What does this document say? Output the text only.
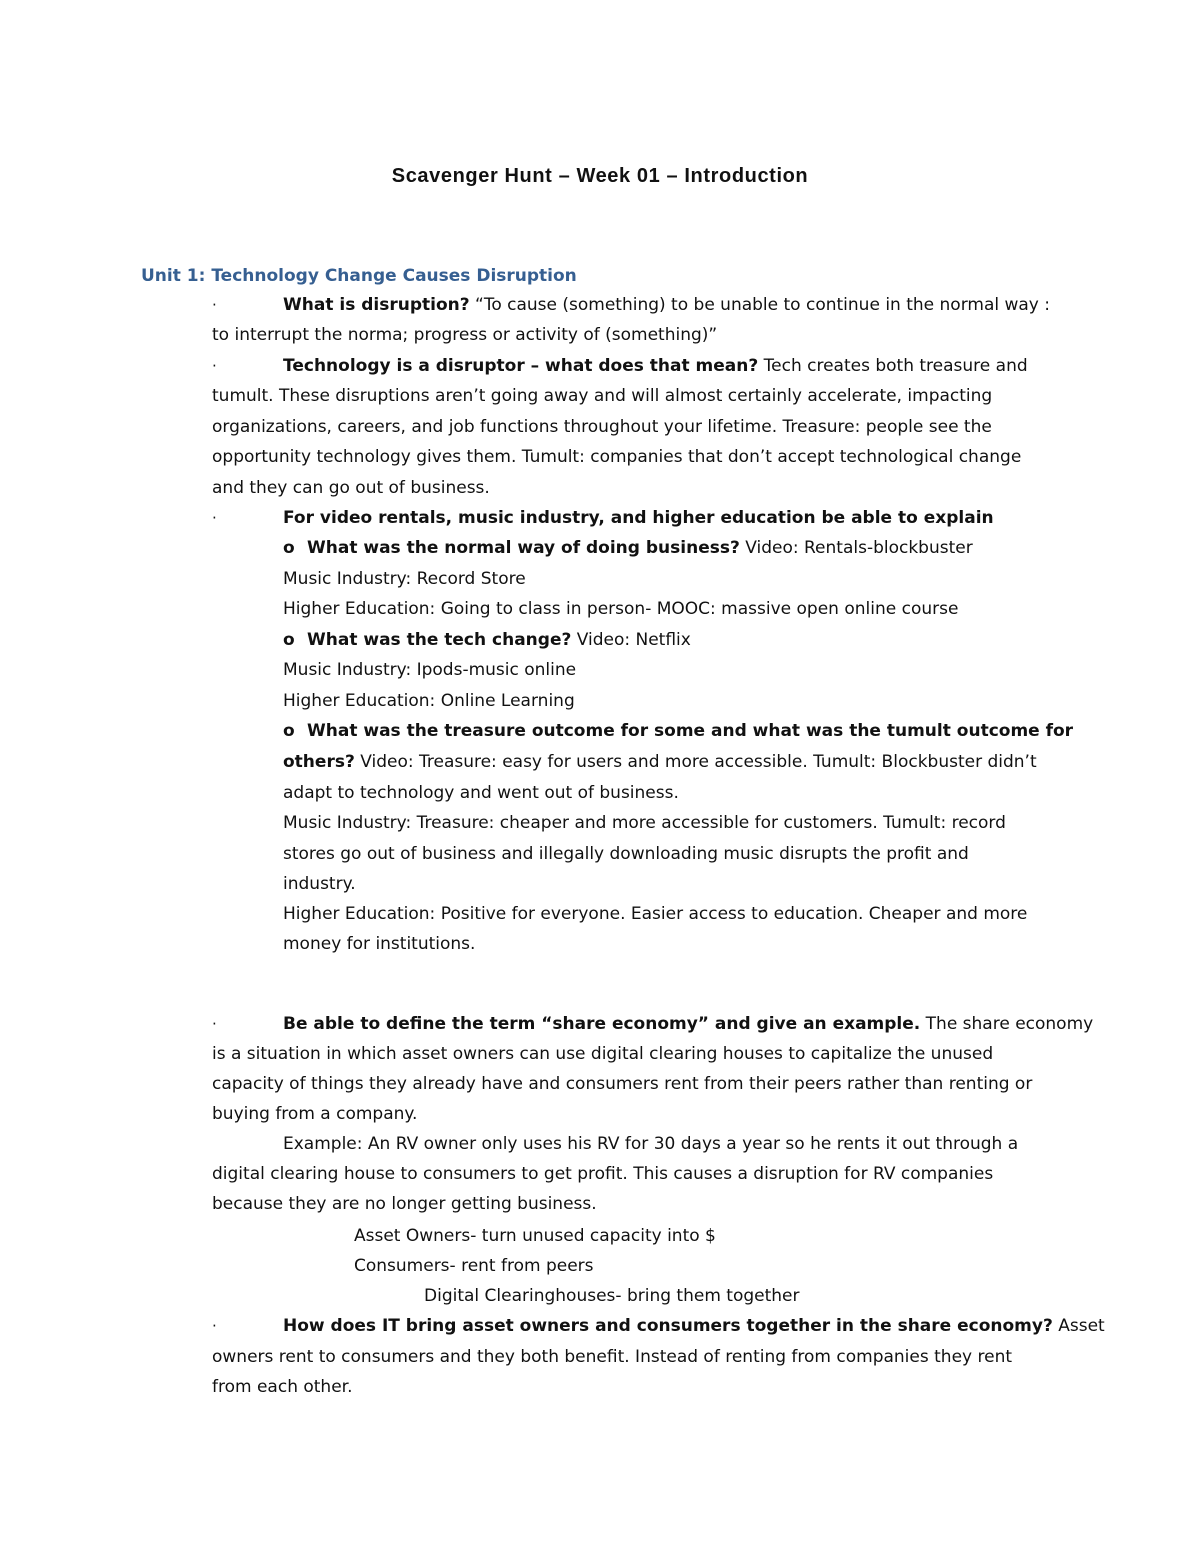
Scavenger Hunt – Week 01 – Introduction
Unit 1: Technology Change Causes Disruption
·	What is disruption? “To cause (something) to be unable to continue in the normal way :
to interrupt the norma; progress or activity of (something)”
·	Technology is a disruptor – what does that mean? Tech creates both treasure and
tumult. These disruptions aren’t going away and will almost certainly accelerate, impacting
organizations, careers, and job functions throughout your lifetime. Treasure: people see the
opportunity technology gives them. Tumult: companies that don’t accept technological change
and they can go out of business.
·	For video rentals, music industry, and higher education be able to explain
o What was the normal way of doing business? Video: Rentals-blockbuster
Music Industry: Record Store
Higher Education: Going to class in person- MOOC: massive open online course
o What was the tech change? Video: Netflix
Music Industry: Ipods-music online
Higher Education: Online Learning
o What was the treasure outcome for some and what was the tumult outcome for
others? Video: Treasure: easy for users and more accessible. Tumult: Blockbuster didn’t
adapt to technology and went out of business.
Music Industry: Treasure: cheaper and more accessible for customers. Tumult: record
stores go out of business and illegally downloading music disrupts the profit and
industry.
Higher Education: Positive for everyone. Easier access to education. Cheaper and more
money for institutions.
·	Be able to define the term “share economy” and give an example. The share economy
is a situation in which asset owners can use digital clearing houses to capitalize the unused
capacity of things they already have and consumers rent from their peers rather than renting or
buying from a company.
Example: An RV owner only uses his RV for 30 days a year so he rents it out through a
digital clearing house to consumers to get profit. This causes a disruption for RV companies
because they are no longer getting business.
Asset Owners- turn unused capacity into $
Consumers- rent from peers
Digital Clearinghouses- bring them together
·	How does IT bring asset owners and consumers together in the share economy? Asset
owners rent to consumers and they both benefit. Instead of renting from companies they rent
from each other.
